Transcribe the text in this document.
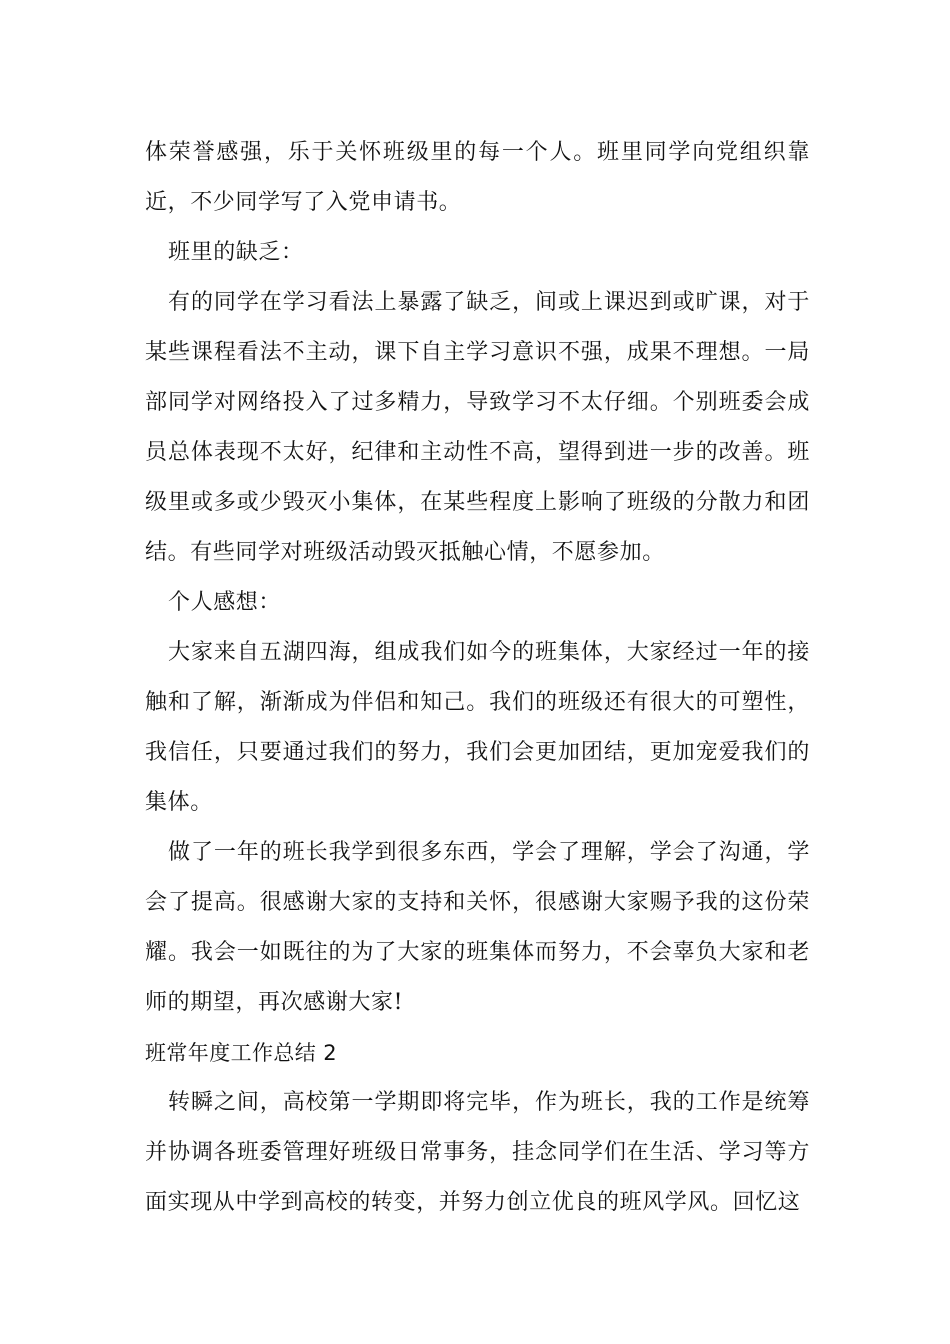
体荣誉感强，乐于关怀班级里的每一个人。班里同学向党组织靠近，不少同学写了入党申请书。

班里的缺乏：

有的同学在学习看法上暴露了缺乏，间或上课迟到或旷课，对于某些课程看法不主动，课下自主学习意识不强，成果不理想。一局部同学对网络投入了过多精力，导致学习不太仔细。个别班委会成员总体表现不太好，纪律和主动性不高，望得到进一步的改善。班级里或多或少毁灭小集体，在某些程度上影响了班级的分散力和团结。有些同学对班级活动毁灭抵触心情，不愿参加。

个人感想：

大家来自五湖四海，组成我们如今的班集体，大家经过一年的接触和了解，渐渐成为伴侣和知己。我们的班级还有很大的可塑性，我信任，只要通过我们的努力，我们会更加团结，更加宠爱我们的集体。

做了一年的班长我学到很多东西，学会了理解，学会了沟通，学会了提高。很感谢大家的支持和关怀，很感谢大家赐予我的这份荣耀。我会一如既往的为了大家的班集体而努力，不会辜负大家和老师的期望，再次感谢大家!

班常年度工作总结 2

转瞬之间，高校第一学期即将完毕，作为班长，我的工作是统筹并协调各班委管理好班级日常事务，挂念同学们在生活、学习等方面实现从中学到高校的转变，并努力创立优良的班风学风。回忆这
